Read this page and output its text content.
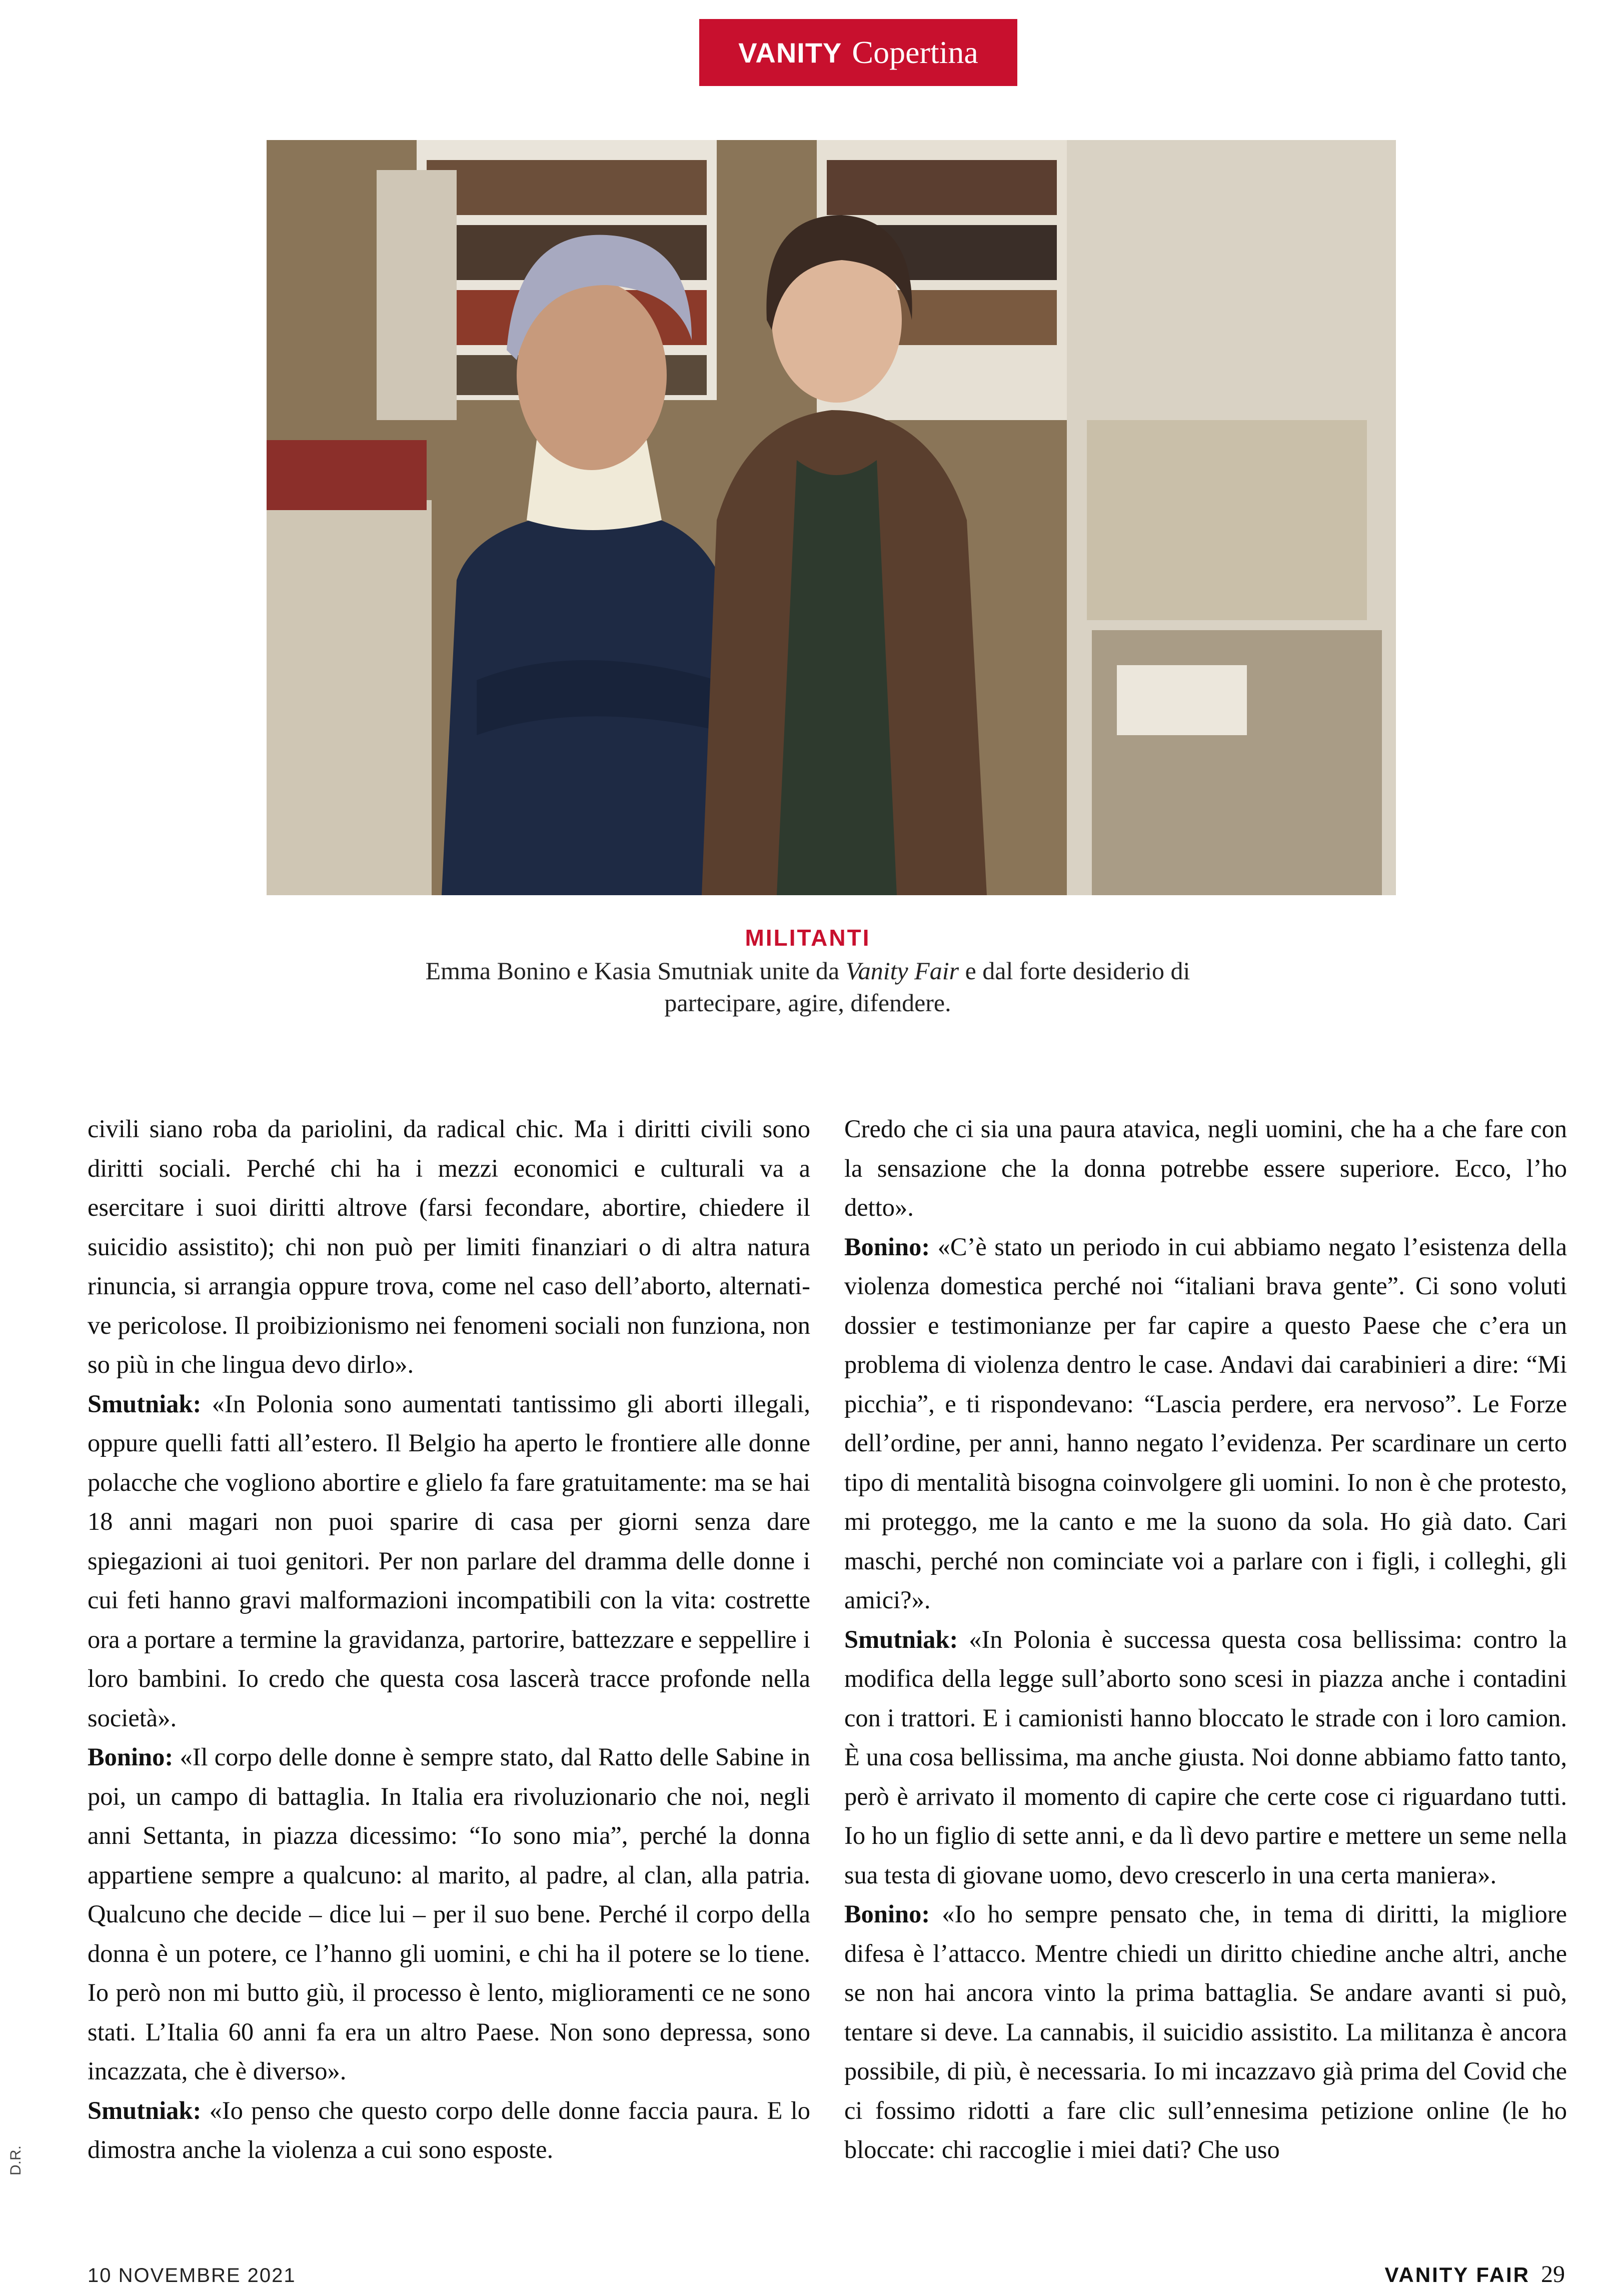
VANITY Copertina
MILITANTI
Emma Bonino e Kasia Smutniak unite da Vanity Fair e dal forte desiderio di partecipare, agire, difendere.

civili siano roba da pariolini, da radical chic. Ma i diritti civili sono diritti sociali. Perché chi ha i mezzi economici e culturali va a esercitare i suoi diritti altrove (farsi fecondare, abortire, chiedere il suicidio assistito); chi non può per limiti finanziari o di altra natura rinuncia, si arrangia oppure trova, come nel caso dell’aborto, alternative pericolose. Il proibizionismo nei fenomeni sociali non funziona, non so più in che lingua devo dirlo».

Smutniak: «In Polonia sono aumentati tantissimo gli aborti illegali, oppure quelli fatti all’estero. Il Belgio ha aperto le frontiere alle donne polacche che vogliono abortire e glielo fa fare gratuitamente: ma se hai 18 anni magari non puoi sparire di casa per giorni senza dare spiegazioni ai tuoi genitori. Per non parlare del dramma delle donne i cui feti hanno gravi malformazioni incompatibili con la vita: costrette ora a portare a termine la gravidanza, partorire, battezzare e seppellire i loro bambini. Io credo che questa cosa lascerà tracce profonde nella società».

Bonino: «Il corpo delle donne è sempre stato, dal Ratto delle Sabine in poi, un campo di battaglia. In Italia era rivoluzionario che noi, negli anni Settanta, in piazza dicessimo: “Io sono mia”, perché la donna appartiene sempre a qualcuno: al marito, al padre, al clan, alla patria. Qualcuno che decide – dice lui – per il suo bene. Perché il corpo della donna è un potere, ce l’hanno gli uomini, e chi ha il potere se lo tiene. Io però non mi butto giù, il processo è lento, miglioramenti ce ne sono stati. L’Italia 60 anni fa era un altro Paese. Non sono depressa, sono incazzata, che è diverso».

Smutniak: «Io penso che questo corpo delle donne faccia paura. E lo dimostra anche la violenza a cui sono esposte.

Credo che ci sia una paura atavica, negli uomini, che ha a che fare con la sensazione che la donna potrebbe essere superiore. Ecco, l’ho detto».

Bonino: «C’è stato un periodo in cui abbiamo negato l’esistenza della violenza domestica perché noi “italiani brava gente”. Ci sono voluti dossier e testimonianze per far capire a questo Paese che c’era un problema di violenza dentro le case. Andavi dai carabinieri a dire: “Mi picchia”, e ti rispondevano: “Lascia perdere, era nervoso”. Le Forze dell’ordine, per anni, hanno negato l’evidenza. Per scardinare un certo tipo di mentalità bisogna coinvolgere gli uomini. Io non è che protesto, mi proteggo, me la canto e me la suono da sola. Ho già dato. Cari maschi, perché non cominciate voi a parlare con i figli, i colleghi, gli amici?».

Smutniak: «In Polonia è successa questa cosa bellissima: contro la modifica della legge sull’aborto sono scesi in piazza anche i contadini con i trattori. E i camionisti hanno bloccato le strade con i loro camion. È una cosa bellissima, ma anche giusta. Noi donne abbiamo fatto tanto, però è arrivato il momento di capire che certe cose ci riguardano tutti. Io ho un figlio di sette anni, e da lì devo partire e mettere un seme nella sua testa di giovane uomo, devo crescerlo in una certa maniera».

Bonino: «Io ho sempre pensato che, in tema di diritti, la migliore difesa è l’attacco. Mentre chiedi un diritto chiedine anche altri, anche se non hai ancora vinto la prima battaglia. Se andare avanti si può, tentare si deve. La cannabis, il suicidio assistito. La militanza è ancora possibile, di più, è necessaria. Io mi incazzavo già prima del Covid che ci fossimo ridotti a fare clic sull’ennesima petizione online (le ho bloccate: chi raccoglie i miei dati? Che uso

D.R.
10 NOVEMBRE 2021	VANITY FAIR 29
